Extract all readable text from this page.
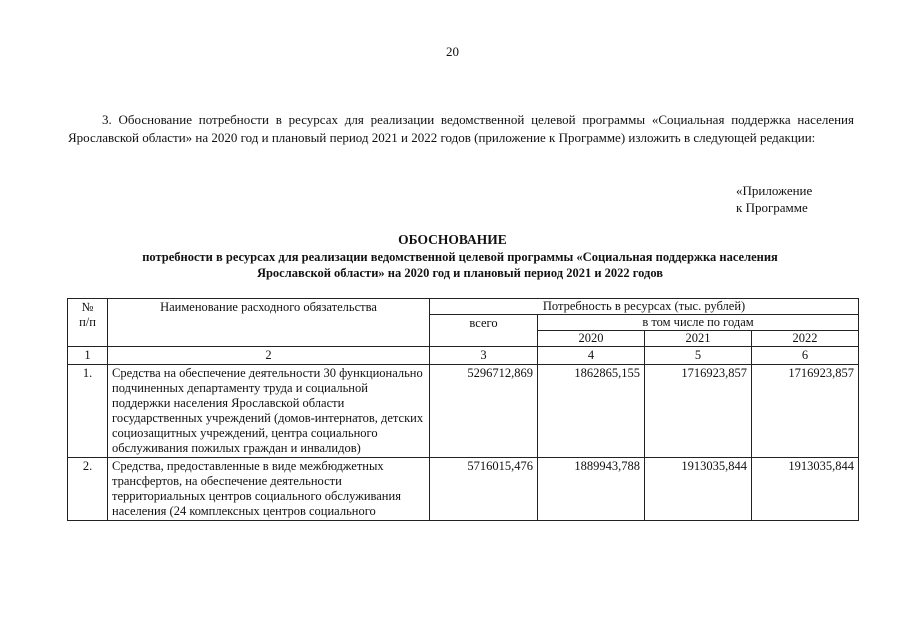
20

3. Обоснование потребности в ресурсах для реализации ведомственной целевой программы «Социальная поддержка населения Ярославской области» на 2020 год и плановый период 2021 и 2022 годов (приложение к Программе) изложить в следующей редакции:

«Приложение
к Программе
ОБОСНОВАНИЕ
потребности в ресурсах для реализации ведомственной целевой программы «Социальная поддержка населения
Ярославской области» на 2020 год и плановый период 2021 и 2022 годов
№
п/п	Наименование расходного обязательства	Потребность в ресурсах (тыс. рублей)			
		всего	в том числе по годам		
			2020	2021	2022
1	2	3	4	5	6
1.	Средства на обеспечение деятельности 30 функционально подчиненных департаменту труда и социальной поддержки населения Ярославской области государственных учреждений (домов-интернатов, детских социозащитных учреждений, центра социального обслуживания пожилых граждан и инвалидов)	5296712,869	1862865,155	1716923,857	1716923,857
2.	Средства, предоставленные в виде межбюджетных трансфертов, на обеспечение деятельности территориальных центров социального обслуживания населения (24 комплексных центров социального	5716015,476	1889943,788	1913035,844	1913035,844
